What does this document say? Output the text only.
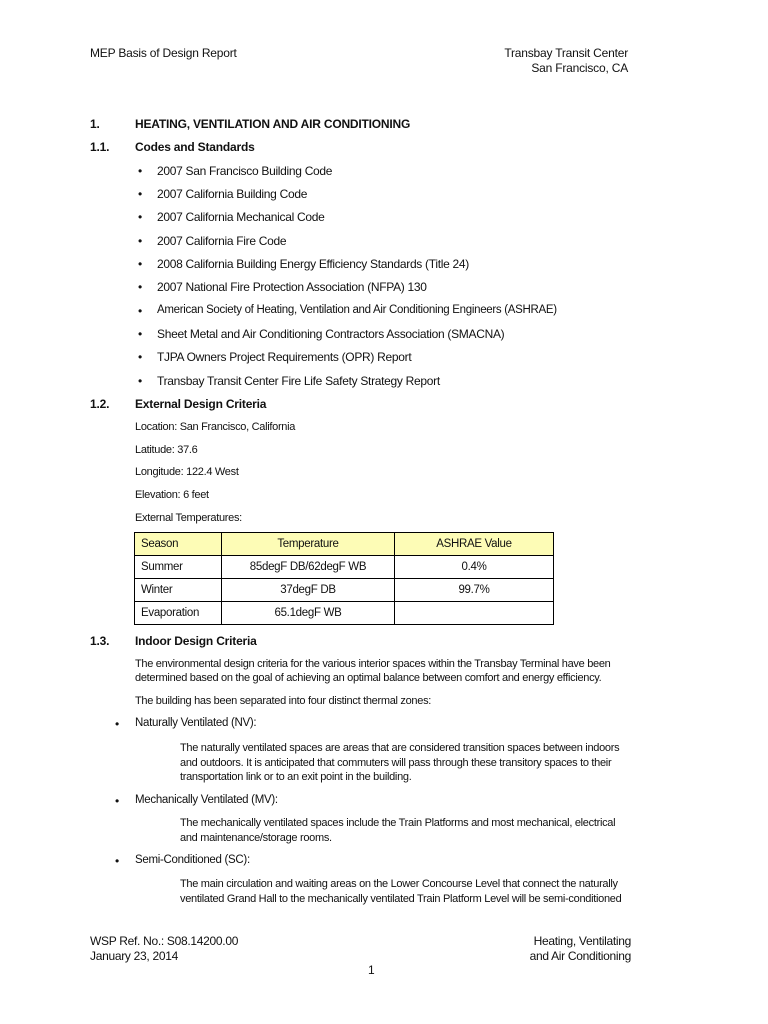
MEP Basis of Design Report	Transbay Transit Center
San Francisco, CA
1.	HEATING, VENTILATION AND AIR CONDITIONING
1.1. Codes and Standards
• 2007 San Francisco Building Code
• 2007 California Building Code
• 2007 California Mechanical Code
• 2007 California Fire Code
• 2008 California Building Energy Efficiency Standards (Title 24)
• 2007 National Fire Protection Association (NFPA) 130
• American Society of Heating, Ventilation and Air Conditioning Engineers (ASHRAE)
• Sheet Metal and Air Conditioning Contractors Association (SMACNA)
• TJPA Owners Project Requirements (OPR) Report
• Transbay Transit Center Fire Life Safety Strategy Report
1.2. External Design Criteria
Location: San Francisco, California
Latitude: 37.6
Longitude: 122.4 West
Elevation: 6 feet
External Temperatures:
Season	Temperature	ASHRAE Value
Summer	85degF DB/62degF WB	0.4%
Winter	37degF DB	99.7%
Evaporation	65.1degF WB	
1.3. Indoor Design Criteria
The environmental design criteria for the various interior spaces within the Transbay Terminal have been determined based on the goal of achieving an optimal balance between comfort and energy efficiency.
The building has been separated into four distinct thermal zones:
• Naturally Ventilated (NV):
The naturally ventilated spaces are areas that are considered transition spaces between indoors and outdoors. It is anticipated that commuters will pass through these transitory spaces to their transportation link or to an exit point in the building.
• Mechanically Ventilated (MV):
The mechanically ventilated spaces include the Train Platforms and most mechanical, electrical and maintenance/storage rooms.
• Semi-Conditioned (SC):
The main circulation and waiting areas on the Lower Concourse Level that connect the naturally ventilated Grand Hall to the mechanically ventilated Train Platform Level will be semi-conditioned
WSP Ref. No.: S08.14200.00
January 23, 2014
Heating, Ventilating
and Air Conditioning
1
